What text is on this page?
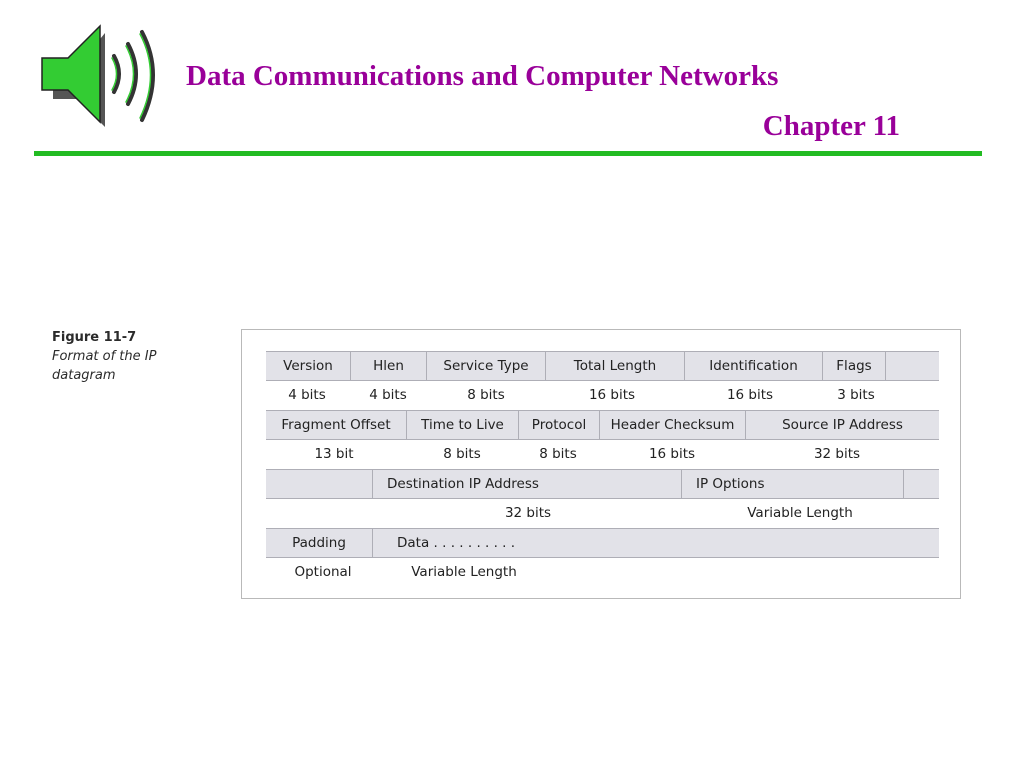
Data Communications and Computer Networks
Chapter 11
Figure 11-7
Format of the IP datagram
Version	Hlen	Service Type	Total Length	Identification	Flags
4 bits	4 bits	8 bits	16 bits	16 bits	3 bits
Fragment Offset	Time to Live	Protocol	Header Checksum	Source IP Address
13 bit	8 bits	8 bits	16 bits	32 bits
Destination IP Address	IP Options
32 bits	Variable Length
Padding	Data . . . . . . . . . .
Optional	Variable Length
